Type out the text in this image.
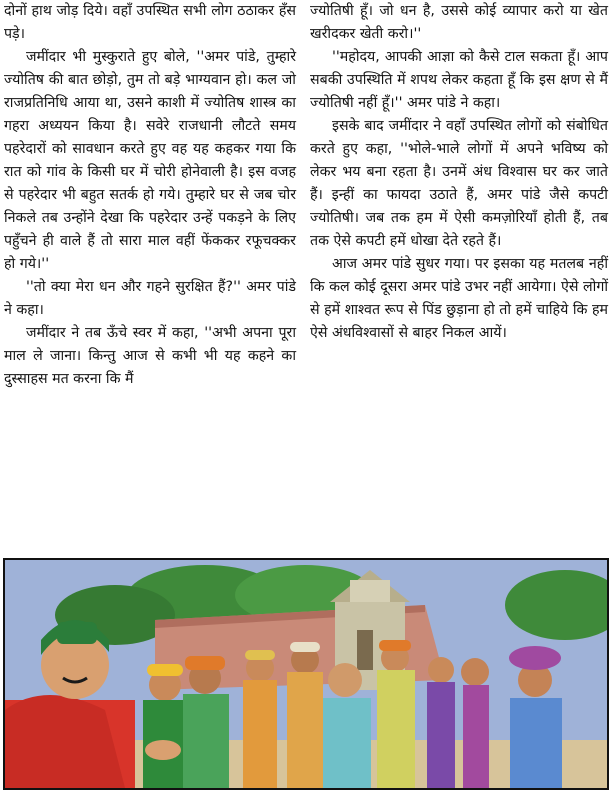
दोनों हाथ जोड़ दिये। वहाँ उपस्थित सभी लोग ठठाकर हँस पड़े।

जमींदार भी मुस्कुराते हुए बोले, ''अमर पांडे, तुम्हारे ज्योतिष की बात छोड़ो, तुम तो बड़े भाग्यवान हो। कल जो राजप्रतिनिधि आया था, उसने काशी में ज्योतिष शास्त्र का गहरा अध्ययन किया है। सवेरे राजधानी लौटते समय पहरेदारों को सावधान करते हुए वह यह कहकर गया कि रात को गांव के किसी घर में चोरी होनेवाली है। इस वजह से पहरेदार भी बहुत सतर्क हो गये। तुम्हारे घर से जब चोर निकले तब उन्होंने देखा कि पहरेदार उन्हें पकड़ने के लिए पहुँचने ही वाले हैं तो सारा माल वहीं फेंककर रफूचक्कर हो गये।''

''तो क्या मेरा धन और गहने सुरक्षित हैं?'' अमर पांडे ने कहा।

जमींदार ने तब ऊँचे स्वर में कहा, ''अभी अपना पूरा माल ले जाना। किन्तु आज से कभी भी यह कहने का दुस्साहस मत करना कि मैं

ज्योतिषी हूँ। जो धन है, उससे कोई व्यापार करो या खेत खरीदकर खेती करो।''

''महोदय, आपकी आज्ञा को कैसे टाल सकता हूँ। आप सबकी उपस्थिति में शपथ लेकर कहता हूँ कि इस क्षण से मैं ज्योतिषी नहीं हूँ।'' अमर पांडे ने कहा।

इसके बाद जमींदार ने वहाँ उपस्थित लोगों को संबोधित करते हुए कहा, ''भोले-भाले लोगों में अपने भविष्य को लेकर भय बना रहता है। उनमें अंध विश्वास घर कर जाते हैं। इन्हीं का फायदा उठाते हैं, अमर पांडे जैसे कपटी ज्योतिषी। जब तक हम में ऐसी कमज़ोरियाँ होती हैं, तब तक ऐसे कपटी हमें धोखा देते रहते हैं।

आज अमर पांडे सुधर गया। पर इसका यह मतलब नहीं कि कल कोई दूसरा अमर पांडे उभर नहीं आयेगा। ऐसे लोगों से हमें शाश्वत रूप से पिंड छुड़ाना हो तो हमें चाहिये कि हम ऐसे अंधविश्वासों से बाहर निकल आयें।
